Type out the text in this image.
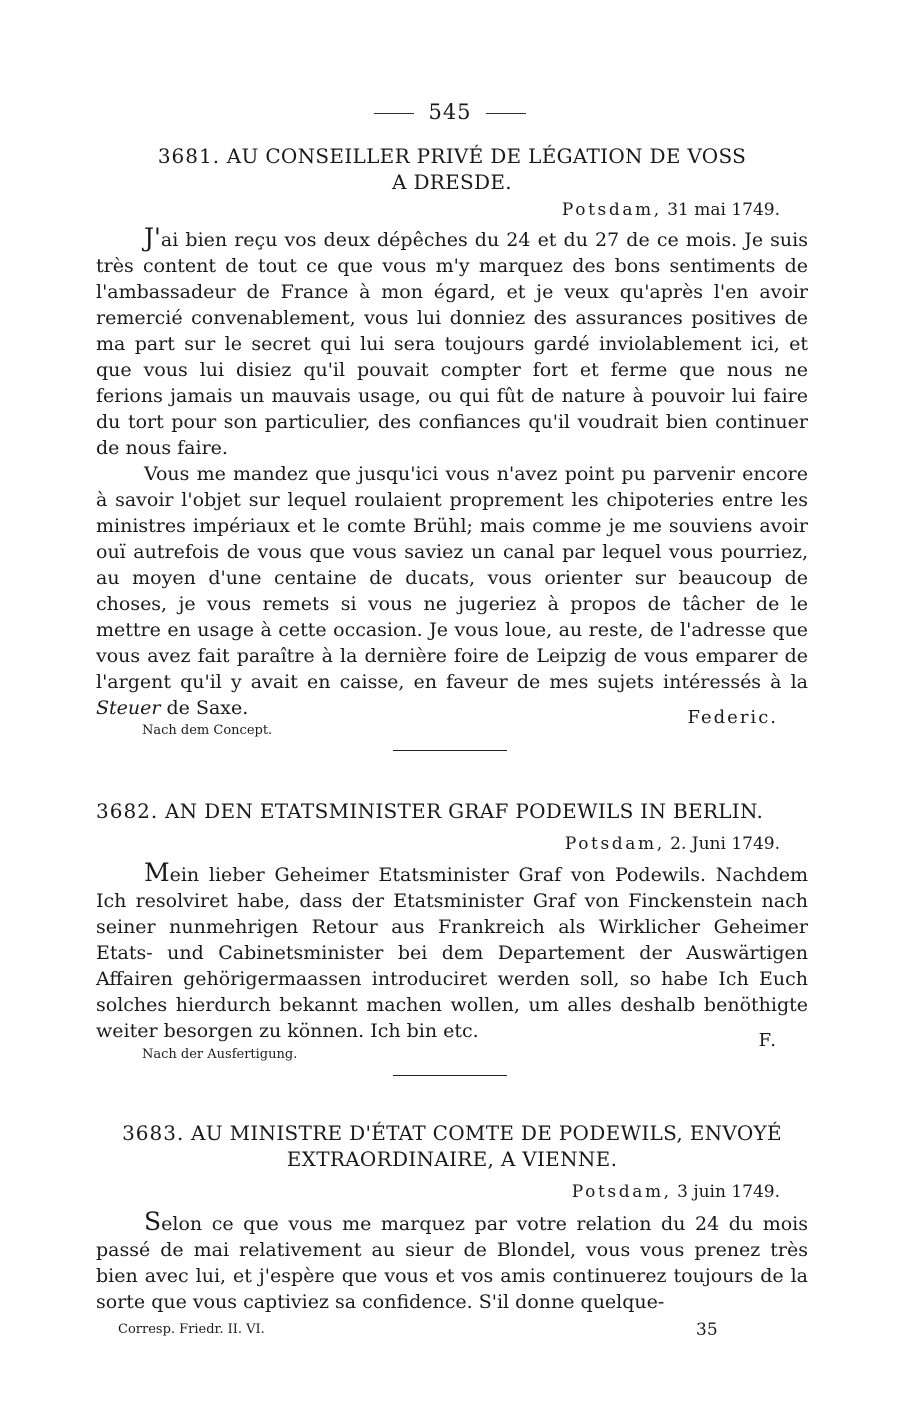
545
3681. AU CONSEILLER PRIVÉ DE LÉGATION DE VOSS
A DRESDE.
Potsdam, 31 mai 1749.

J'ai bien reçu vos deux dépêches du 24 et du 27 de ce mois. Je suis très content de tout ce que vous m'y marquez des bons sentiments de l'ambassadeur de France à mon égard, et je veux qu'après l'en avoir remercié convenablement, vous lui donniez des assurances positives de ma part sur le secret qui lui sera toujours gardé inviolablement ici, et que vous lui disiez qu'il pouvait compter fort et ferme que nous ne ferions jamais un mauvais usage, ou qui fût de nature à pouvoir lui faire du tort pour son particulier, des confiances qu'il voudrait bien continuer de nous faire.

Vous me mandez que jusqu'ici vous n'avez point pu parvenir encore à savoir l'objet sur lequel roulaient proprement les chipoteries entre les ministres impériaux et le comte Brühl; mais comme je me souviens avoir ouï autrefois de vous que vous saviez un canal par lequel vous pourriez, au moyen d'une centaine de ducats, vous orienter sur beaucoup de choses, je vous remets si vous ne jugeriez à propos de tâcher de le mettre en usage à cette occasion. Je vous loue, au reste, de l'adresse que vous avez fait paraître à la dernière foire de Leipzig de vous emparer de l'argent qu'il y avait en caisse, en faveur de mes sujets intéressés à la Steuer de Saxe.	Federic.
Nach dem Concept.
3682. AN DEN ETATSMINISTER GRAF PODEWILS IN BERLIN.
Potsdam, 2. Juni 1749.

Mein lieber Geheimer Etatsminister Graf von Podewils. Nachdem Ich resolviret habe, dass der Etatsminister Graf von Finckenstein nach seiner nunmehrigen Retour aus Frankreich als Wirklicher Geheimer Etats- und Cabinetsminister bei dem Departement der Auswärtigen Affairen gehörigermaassen introduciret werden soll, so habe Ich Euch solches hierdurch bekannt machen wollen, um alles deshalb benöthigte weiter besorgen zu können. Ich bin etc.	F.
Nach der Ausfertigung.
3683. AU MINISTRE D'ÉTAT COMTE DE PODEWILS, ENVOYÉ
EXTRAORDINAIRE, A VIENNE.
Potsdam, 3 juin 1749.

Selon ce que vous me marquez par votre relation du 24 du mois passé de mai relativement au sieur de Blondel, vous vous prenez très bien avec lui, et j'espère que vous et vos amis continuerez toujours de la sorte que vous captiviez sa confidence. S'il donne quelque-

Corresp. Friedr. II. VI.	35
